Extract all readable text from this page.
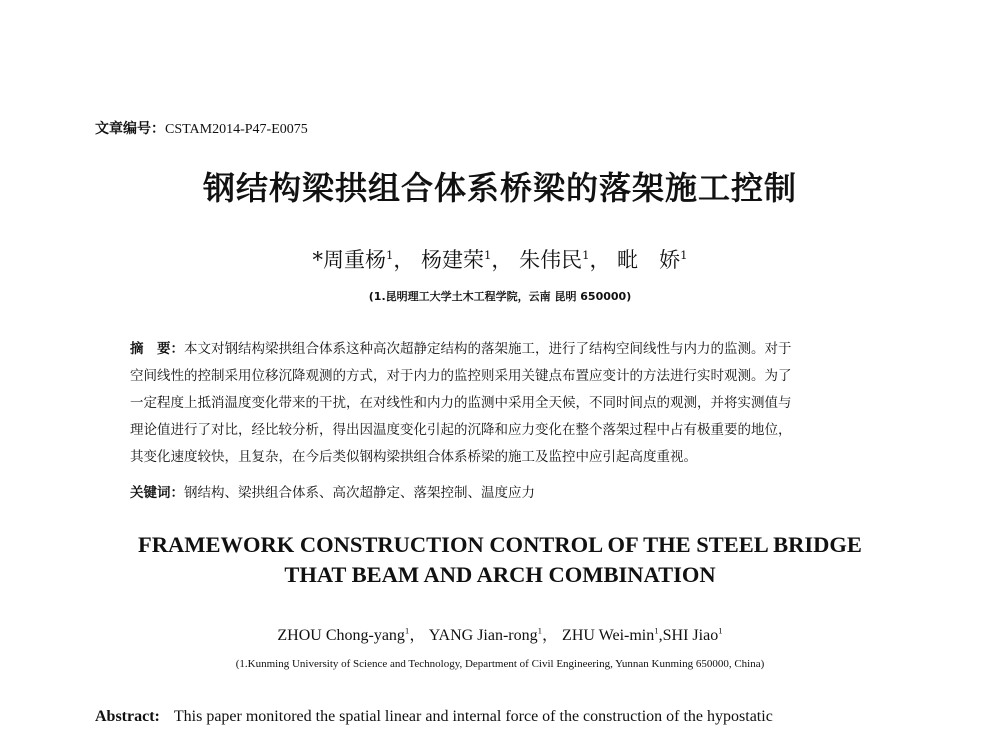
文章编号：CSTAM2014-P47-E0075
钢结构梁拱组合体系桥梁的落架施工控制
*周重杨$^1$， 杨建荣$^1$， 朱伟民$^1$， 毗　娇$^1$
(1.昆明理工大学土木工程学院，云南 昆明 650000)
摘　要：本文对钢结构梁拱组合体系这种高次超静定结构的落架施工，进行了结构空间线性与内力的监测。对于
空间线性的控制采用位移沉降观测的方式，对于内力的监控则采用关键点布置应变计的方法进行实时观测。为了
一定程度上抵消温度变化带来的干扰，在对线性和内力的监测中采用全天候，不同时间点的观测，并将实测值与
理论值进行了对比，经比较分析，得出因温度变化引起的沉降和应力变化在整个落架过程中占有极重要的地位，
其变化速度较快，且复杂，在今后类似钢构梁拱组合体系桥梁的施工及监控中应引起高度重视。
关键词：钢结构、梁拱组合体系、高次超静定、落架控制、温度应力
FRAMEWORK CONSTRUCTION CONTROL OF THE STEEL BRIDGE
THAT BEAM AND ARCH COMBINATION
ZHOU Chong-yang$^1$， YANG Jian-rong$^1$， ZHU Wei-$\min^1,SHI$ Jiao$^1$
(1.Kunming University of Science and Technology, Department of Civil Engineering, Yunnan Kunming 650000, China)
Abstract: This paper monitored the spatial linear and internal force of the construction of the hypostatic
